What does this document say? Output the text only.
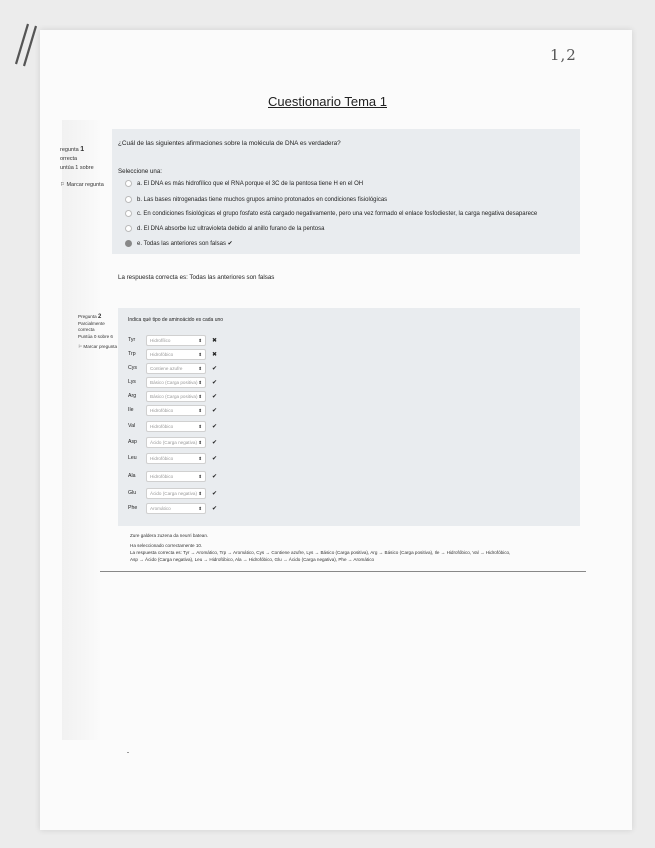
1,2
Cuestionario Tema 1
regunta 1
orrecta
untúa 1 sobre
⚐ Marcar regunta
¿Cuál de las siguientes afirmaciones sobre la molécula de DNA es verdadera?
Seleccione una:
a. El DNA es más hidrofílico que el RNA porque el 3C de la pentosa tiene H en el OH
b. Las bases nitrogenadas tiene muchos grupos amino protonados en condiciones fisiológicas
c. En condiciones fisiológicas el grupo fosfato está cargado negativamente, pero una vez formado el enlace fosfodiester, la carga negativa desaparece
d. El DNA absorbe luz ultravioleta debido al anillo furano de la pentosa
e. Todas las anteriores son falsas
✔
La respuesta correcta es: Todas las anteriores son falsas
Pregunta 2
Parcialmente correcta
Puntúa 0 sobre 6
⚐ Marcar pregunta
Indica qué tipo de aminoácido es cada uno
Tyr	Hidrofílico	⬍ ✖
Trp	Hidrofóbico	⬍ ✖
Cys	Contiene azufre	⬍ ✔
Lys	Básico (Carga positiva) ⬍ ✔
Arg	Básico (Carga positiva) ⬍ ✔
Ile	Hidrofóbico	⬍ ✔
Val	Hidrofóbico	⬍ ✔
Asp	Ácido (Carga negativa) ⬍ ✔
Leu	Hidrofóbico	⬍ ✔
Ala	Hidrofóbico	⬍ ✔
Glu	Ácido (Carga negativa) ⬍ ✔
Phe	Aromático	⬍ ✔
Zure galdera zuzena da neurri batean.
Ha seleccionado correctamente 10.
La respuesta correcta es: Tyr → Aromático, Trp → Aromático, Cys → Contiene azufre, Lys → Básico (Carga positiva), Arg → Básico (Carga positiva), Ile → Hidrofóbico, Val → Hidrofóbico,
Asp → Ácido (Carga negativa), Leu → Hidrofóbico, Ala → Hidrofóbico, Glu → Ácido (Carga negativa), Phe → Aromático
